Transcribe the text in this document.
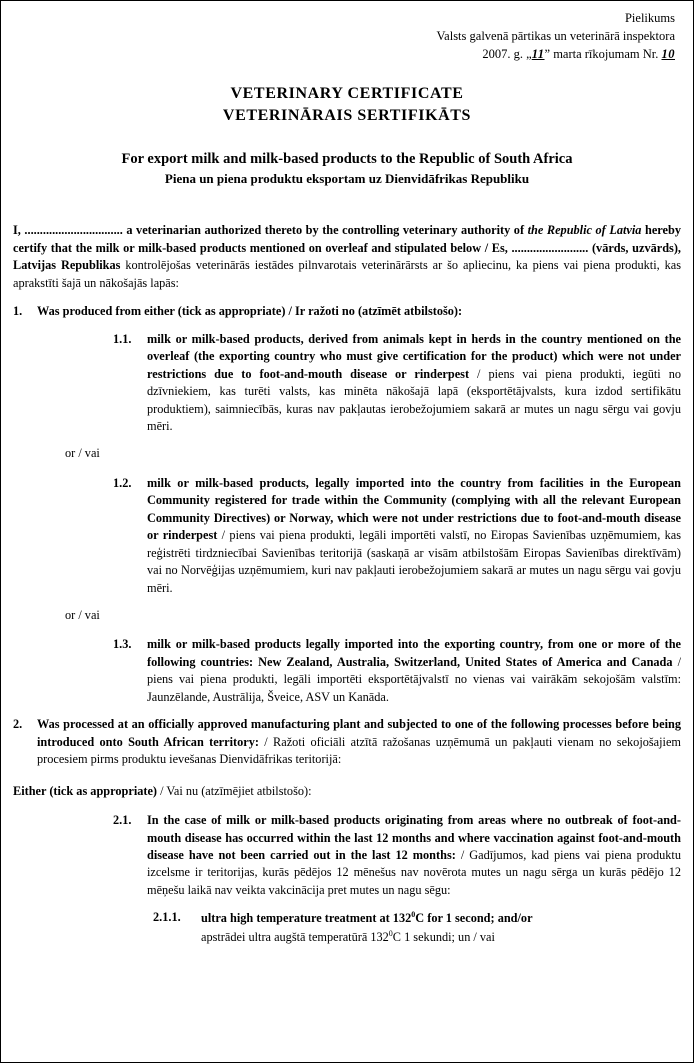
Pielikums
Valsts galvenā pārtikas un veterinārā inspektora
2007. g. „11” marta rīkojumam Nr. 10
VETERINARY CERTIFICATE
VETERINĀRAIS SERTIFIKĀTS
For export milk and milk-based products to the Republic of South Africa
Piena un piena produktu eksportam uz Dienvidāfrikas Republiku
I, ................................ a veterinarian authorized thereto by the controlling veterinary authority of the Republic of Latvia hereby certify that the milk or milk-based products mentioned on overleaf and stipulated below / Es, ......................... (vārds, uzvārds), Latvijas Republikas kontrolējošas veterinārās iestādes pilnvarotais veterinārārsts ar šo apliecinu, ka piens vai piena produkti, kas aprakstīti šajā un nākošajās lapās:
1.	Was produced from either (tick as appropriate) / Ir ražoti no (atzīmēt atbilstošo):
1.1.	milk or milk-based products, derived from animals kept in herds in the country mentioned on the overleaf (the exporting country who must give certification for the product) which were not under restrictions due to foot-and-mouth disease or rinderpest / piens vai piena produkti, iegūti no dzīvniekiem, kas turēti valsts, kas minēta nākošajā lapā (eksportētājvalsts, kura izdod sertifikātu produktiem), saimniecībās, kuras nav pakļautas ierobežojumiem sakarā ar mutes un nagu sērgu vai govju mēri.
or / vai
1.2.	milk or milk-based products, legally imported into the country from facilities in the European Community registered for trade within the Community (complying with all the relevant European Community Directives) or Norway, which were not under restrictions due to foot-and-mouth disease or rinderpest / piens vai piena produkti, legāli importēti valstī, no Eiropas Savienības uzņēmumiem, kas reģistrēti tirdzniecībai Savienības teritorijā (saskaņā ar visām atbilstošām Eiropas Savienības direktīvām) vai no Norvēģijas uzņēmumiem, kuri nav pakļauti ierobežojumiem sakarā ar mutes un nagu sērgu vai govju mēri.
or / vai
1.3.	milk or milk-based products legally imported into the exporting country, from one or more of the following countries: New Zealand, Australia, Switzerland, United States of America and Canada / piens vai piena produkti, legāli importēti eksportētājvalstī no vienas vai vairākām sekojošām valstīm: Jaunzēlande, Austrālija, Šveice, ASV un Kanāda.
2.	Was processed at an officially approved manufacturing plant and subjected to one of the following processes before being introduced onto South African territory: / Ražoti oficiāli atzītā ražošanas uzņēmumā un pakļauti vienam no sekojošajiem procesiem pirms produktu ievešanas Dienvidāfrikas teritorijā:
Either (tick as appropriate) / Vai nu (atzīmējiet atbilstošo):
2.1.	In the case of milk or milk-based products originating from areas where no outbreak of foot-and-mouth disease has occurred within the last 12 months and where vaccination against foot-and-mouth disease have not been carried out in the last 12 months: / Gadījumos, kad piens vai piena produktu izcelsme ir teritorijas, kurās pēdējos 12 mēnešus nav novērota mutes un nagu sērga un kurās pēdējo 12 mēņešu laikā nav veikta vakcinācija pret mutes un nagu sēgu:
2.1.1.	ultra high temperature treatment at $132^0C$ for 1 second; and/or
apstrādei ultra augštā temperatūrā $132^0C$ 1 sekundi; un / vai
